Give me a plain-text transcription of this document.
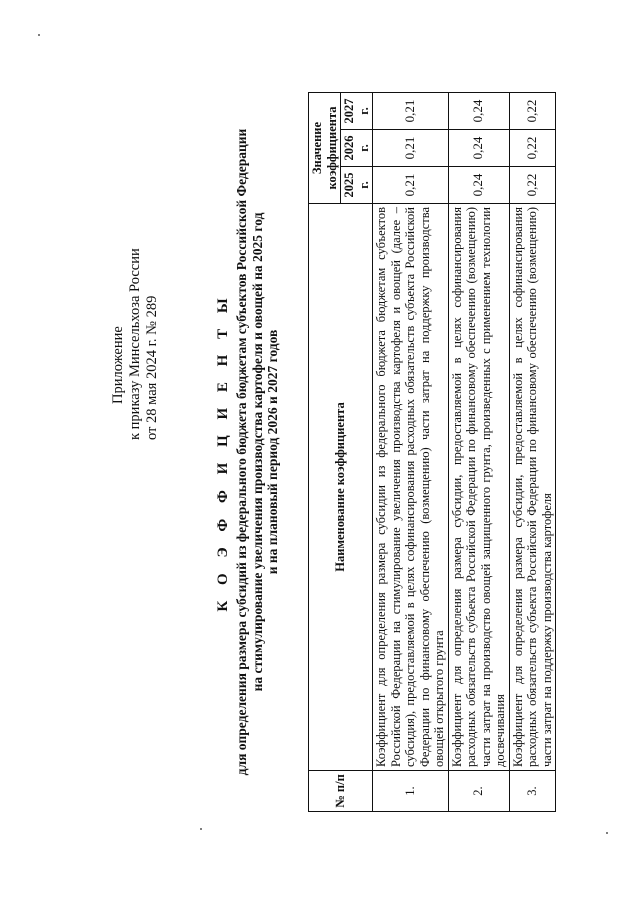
Приложение к приказу Минсельхоза России от 28 мая 2024 г. № 289	К О Э Ф Ф И Ц И Е Н Т Ы для определения размера субсидий из федерального бюджета бюджетам субъектов Российской Федерации на стимулирование увеличения производства картофеля и овощей на 2025 год и на плановый период 2026 и 2027 годов
№ п/п	Наименование коэффициента	Значение коэффициента		
		2025 г.	2026 г.	2027 г.
1.	Коэффициент для определения размера субсидии из федерального бюджета бюджетам субъектов Российской Федерации на стимулирование увеличения производства картофеля и овощей (далее – субсидия), предоставляемой в целях софинансирования расходных обязательств субъекта Российской Федерации по финансовому обеспечению (возмещению) части затрат на поддержку производства овощей открытого грунта	0,21	0,21	0,21
2.	Коэффициент для определения размера субсидии, предоставляемой в целях софинансирования расходных обязательств субъекта Российской Федерации по финансовому обеспечению (возмещению) части затрат на производство овощей защищенного грунта, произведенных с применением технологии досвечивания	0,24	0,24	0,24
3.	Коэффициент для определения размера субсидии, предоставляемой в целях софинансирования расходных обязательств субъекта Российской Федерации по финансовому обеспечению (возмещению) части затрат на поддержку производства картофеля	0,22	0,22	0,22
